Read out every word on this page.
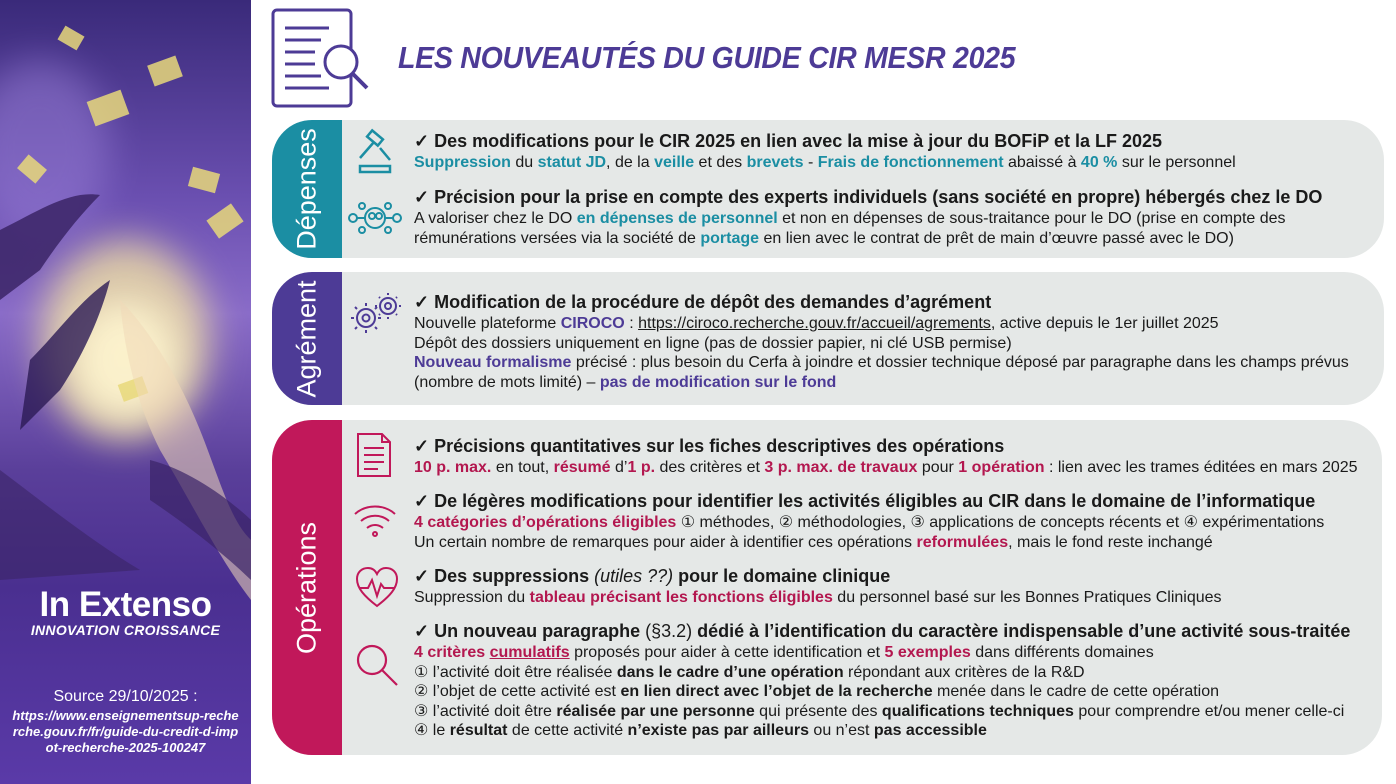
In Extenso
INNOVATION CROISSANCE
Source 29/10/2025 :
https://www.enseignementsup-recherche.gouv.fr/fr/guide-du-credit-d-impot-recherche-2025-100247
LES NOUVEAUTÉS DU GUIDE CIR MESR 2025
Dépenses	✓ Des modifications pour le CIR 2025 en lien avec la mise à jour du BOFiP et la LF 2025
Suppression du statut JD, de la veille et des brevets - Frais de fonctionnement abaissé à 40 % sur le personnel
✓ Précision pour la prise en compte des experts individuels (sans société en propre) hébergés chez le DO
A valoriser chez le DO en dépenses de personnel et non en dépenses de sous-traitance pour le DO (prise en compte des
rémunérations versées via la société de portage en lien avec le contrat de prêt de main d’œuvre passé avec le DO)
Agrément	✓ Modification de la procédure de dépôt des demandes d’agrément
Nouvelle plateforme CIROCO : https://ciroco.recherche.gouv.fr/accueil/agrements, active depuis le 1er juillet 2025
Dépôt des dossiers uniquement en ligne (pas de dossier papier, ni clé USB permise)
Nouveau formalisme précisé : plus besoin du Cerfa à joindre et dossier technique déposé par paragraphe dans les champs prévus
(nombre de mots limité) – pas de modification sur le fond
Opérations
✓ Précisions quantitatives sur les fiches descriptives des opérations
10 p. max. en tout, résumé d’1 p. des critères et 3 p. max. de travaux pour 1 opération : lien avec les trames éditées en mars 2025
✓ De légères modifications pour identifier les activités éligibles au CIR dans le domaine de l’informatique
4 catégories d’opérations éligibles ① méthodes, ② méthodologies, ③ applications de concepts récents et ④ expérimentations
Un certain nombre de remarques pour aider à identifier ces opérations reformulées, mais le fond reste inchangé
✓ Des suppressions (utiles ??) pour le domaine clinique
Suppression du tableau précisant les fonctions éligibles du personnel basé sur les Bonnes Pratiques Cliniques
✓ Un nouveau paragraphe (§3.2) dédié à l’identification du caractère indispensable d’une activité sous-traitée
4 critères cumulatifs proposés pour aider à cette identification et 5 exemples dans différents domaines
① l’activité doit être réalisée dans le cadre d’une opération répondant aux critères de la R&D
② l’objet de cette activité est en lien direct avec l’objet de la recherche menée dans le cadre de cette opération
③ l’activité doit être réalisée par une personne qui présente des qualifications techniques pour comprendre et/ou mener celle-ci
④ le résultat de cette activité n’existe pas par ailleurs ou n’est pas accessible
